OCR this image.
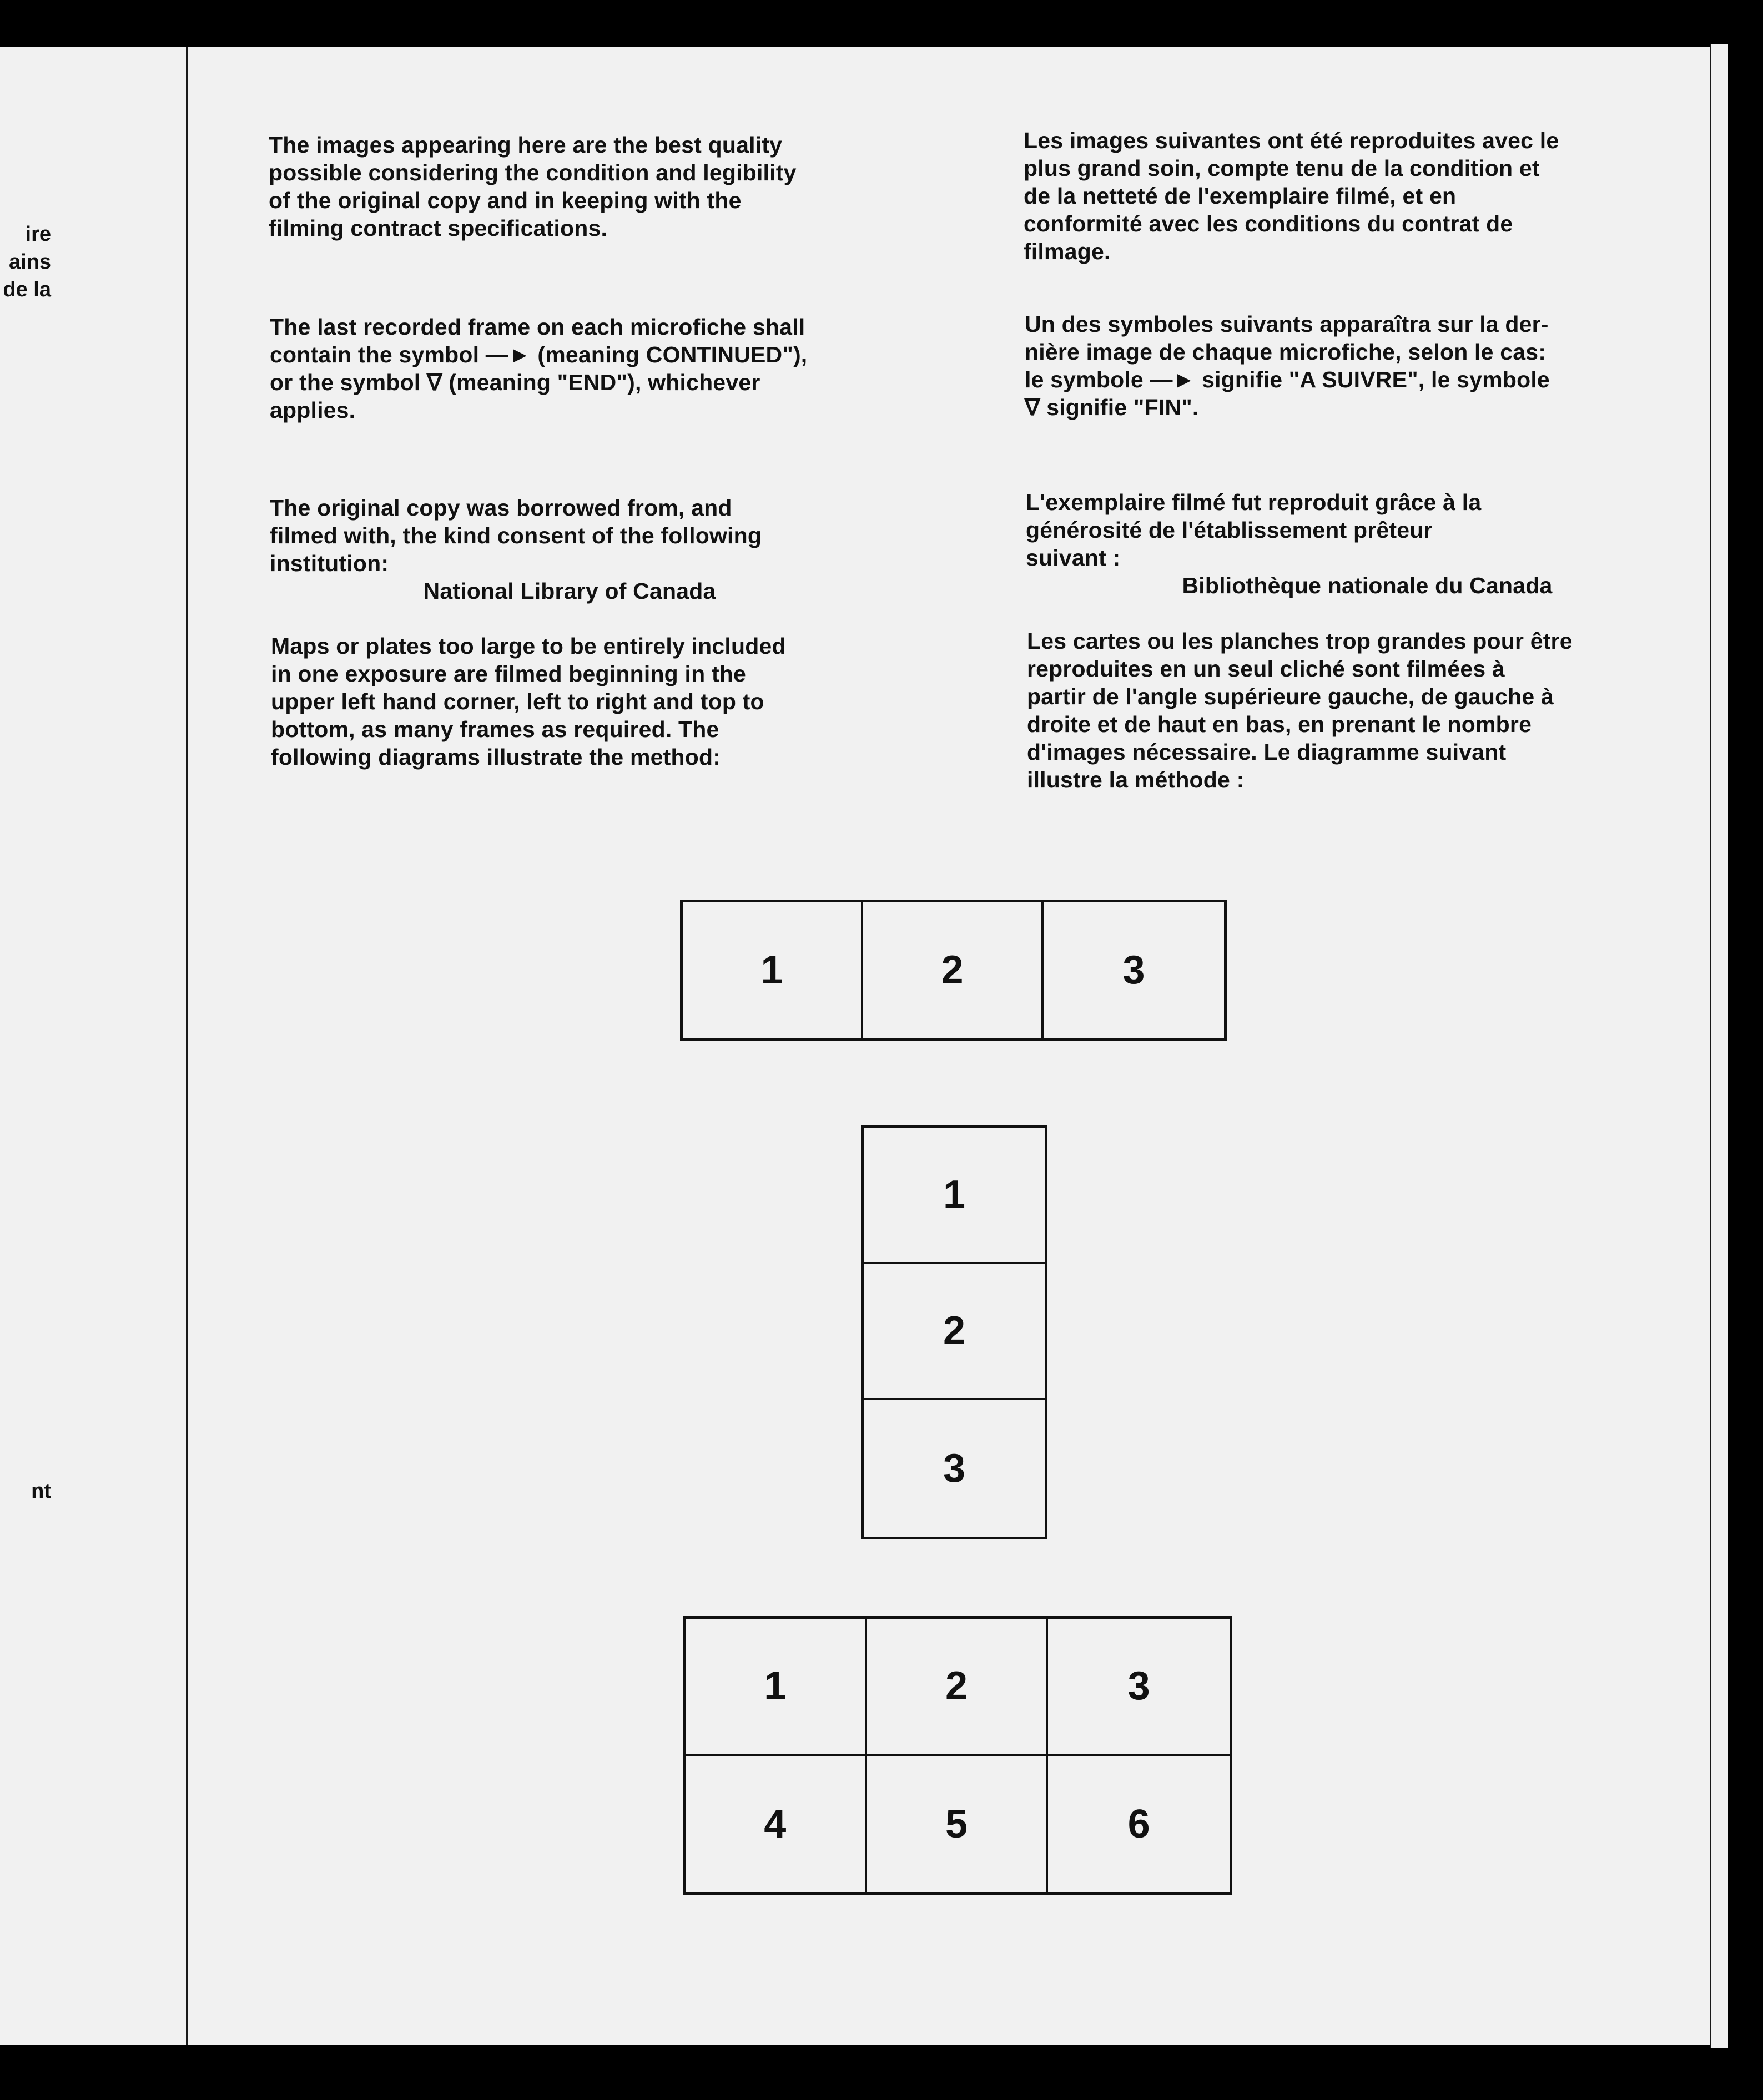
ire
ains
de la
nt
The images appearing here are the best quality
possible considering the condition and legibility
of the original copy and in keeping with the
filming contract specifications.
The last recorded frame on each microfiche shall
contain the symbol —► (meaning CONTINUED"),
or the symbol ∇ (meaning "END"), whichever
applies.

The original copy was borrowed from, and
filmed with, the kind consent of the following
institution:

National Library of Canada

Maps or plates too large to be entirely included
in one exposure are filmed beginning in the
upper left hand corner, left to right and top to
bottom, as many frames as required. The
following diagrams illustrate the method:
Les images suivantes ont été reproduites avec le
plus grand soin, compte tenu de la condition et
de la netteté de l'exemplaire filmé, et en
conformité avec les conditions du contrat de
filmage.
Un des symboles suivants apparaîtra sur la der-
nière image de chaque microfiche, selon le cas:
le symbole —► signifie "A SUIVRE", le symbole
∇ signifie "FIN".

L'exemplaire filmé fut reproduit grâce à la
générosité de l'établissement prêteur
suivant :

Bibliothèque nationale du Canada

Les cartes ou les planches trop grandes pour être
reproduites en un seul cliché sont filmées à
partir de l'angle supérieure gauche, de gauche à
droite et de haut en bas, en prenant le nombre
d'images nécessaire. Le diagramme suivant
illustre la méthode :
1	2	3
1
2
3
1	2	3
4	5	6
